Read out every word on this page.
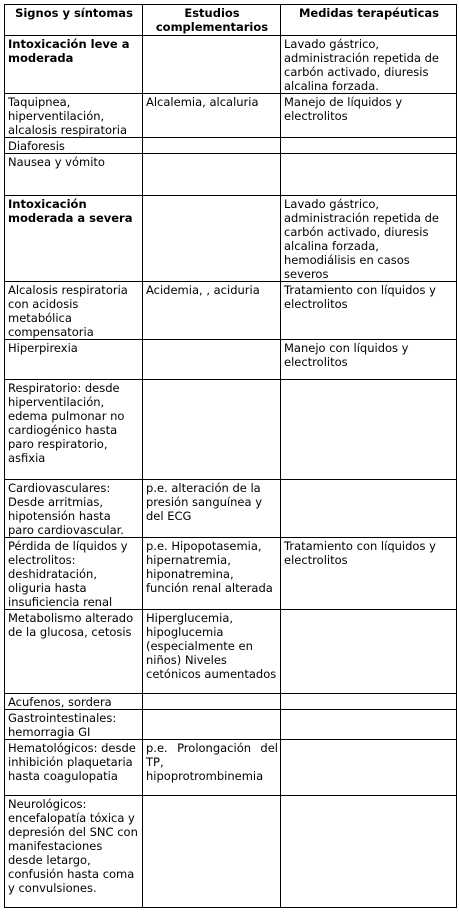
Signos y síntomas	Estudios complementarios	Medidas terapéuticas
Intoxicación leve a moderada		Lavado gástrico, administración repetida de carbón activado, diuresis alcalina forzada.
Taquipnea, hiperventilación, alcalosis respiratoria	Alcalemia, alcaluria	Manejo de líquidos y electrolitos
Diaforesis		
Nausea y vómito		
Intoxicación moderada a severa		Lavado gástrico, administración repetida de carbón activado, diuresis alcalina forzada, hemodiálisis en casos severos
Alcalosis respiratoria con acidosis metabólica compensatoria	Acidemia, , aciduria	Tratamiento con líquidos y electrolitos
Hiperpirexia		Manejo con líquidos y electrolitos
Respiratorio: desde hiperventilación, edema pulmonar no cardiogénico hasta paro respiratorio, asfixia		
Cardiovasculares: Desde arritmias, hipotensión hasta paro cardiovascular.	p.e. alteración de la presión sanguínea y del ECG	
Pérdida de líquidos y electrolitos: deshidratación, oliguria hasta insuficiencia renal	p.e. Hipopotasemia, hipernatremia, hiponatremina, función renal alterada	Tratamiento con líquidos y electrolitos
Metabolismo alterado de la glucosa, cetosis	Hiperglucemia, hipoglucemia (especialmente en niños) Niveles cetónicos aumentados	
Acufenos, sordera		
Gastrointestinales: hemorragia GI		
Hematológicos: desde inhibición plaquetaria hasta coagulopatia	p.e. Prolongación del TP, hipoprotrombinemia	
Neurológicos: encefalopatía tóxica y depresión del SNC con manifestaciones desde letargo, confusión hasta coma y convulsiones.		
